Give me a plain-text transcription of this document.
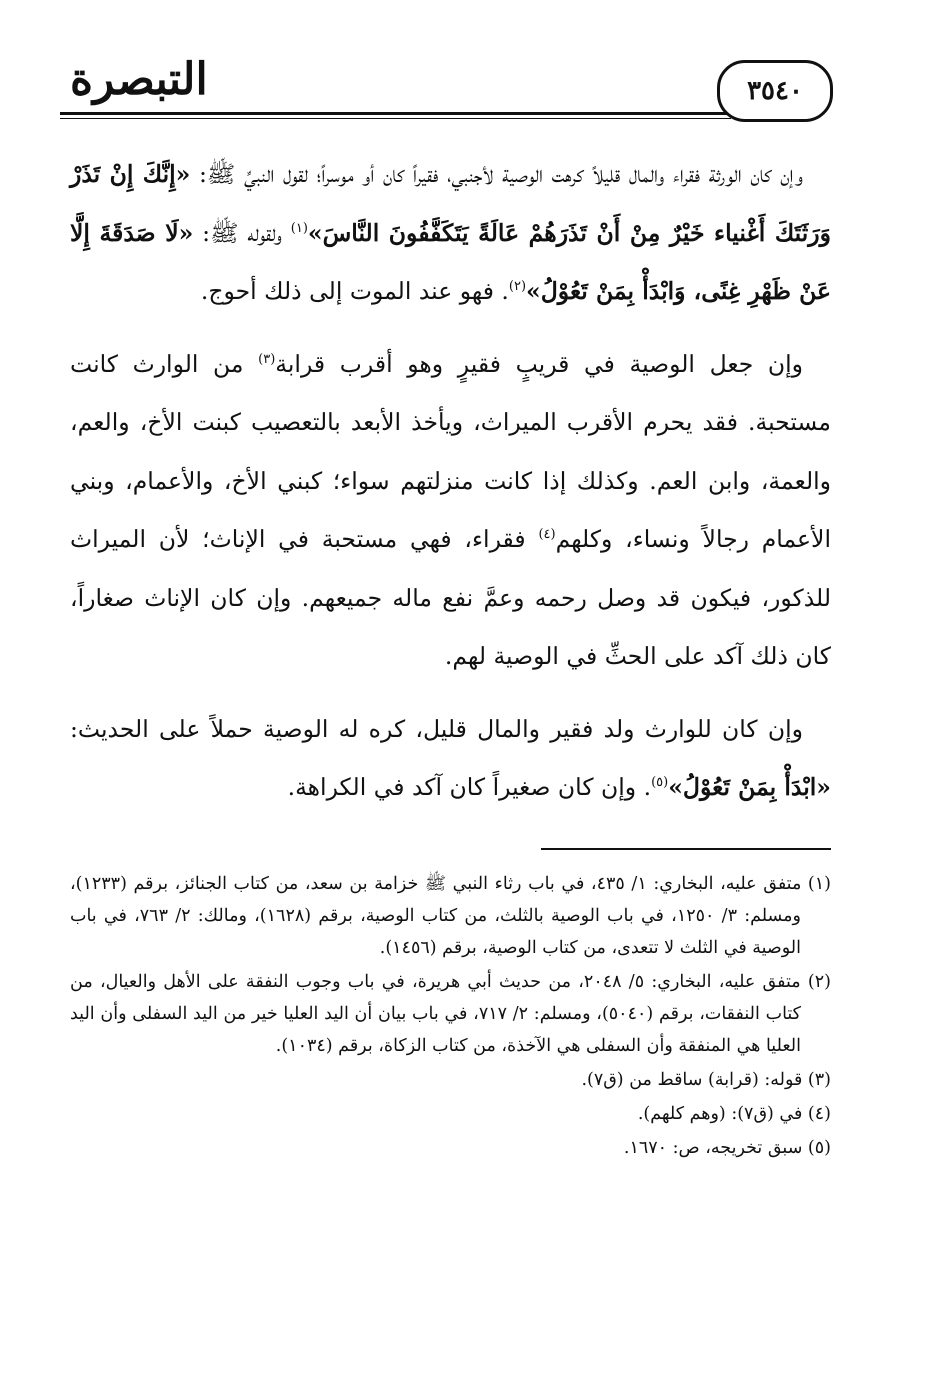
التبصرة	٣٥٤٠

وإن كان الورثة فقراء والمال قليلاً كرهت الوصية لأجنبي، فقيراً كان أو موسراً؛ لقول النبيِّ ﷺ: «إِنَّكَ إِنْ تَذَرْ وَرَثَتَكَ أَغْنياء خَيْرٌ مِنْ أَنْ تَذَرَهُمْ عَالَةً يَتَكَفَّفُونَ النَّاسَ»$^{(١)}$ ولقوله ﷺ: «لَا صَدَقَةَ إِلَّا عَنْ ظَهْرِ غِنًى، وَابْدَأْ بِمَنْ تَعُوْلُ»$^{(٢)}$. فهو عند الموت إلى ذلك أحوج.

وإن جعل الوصية في قريبٍ فقيرٍ وهو أقرب قرابة$^{(٣)}$ من الوارث كانت مستحبة. فقد يحرم الأقرب الميراث، ويأخذ الأبعد بالتعصيب كبنت الأخ، والعم، والعمة، وابن العم. وكذلك إذا كانت منزلتهم سواء؛ كبني الأخ، والأعمام، وبني الأعمام رجالاً ونساء، وكلهم$^{(٤)}$ فقراء، فهي مستحبة في الإناث؛ لأن الميراث للذكور، فيكون قد وصل رحمه وعمَّ نفع ماله جميعهم. وإن كان الإناث صغاراً، كان ذلك آكد على الحثِّ في الوصية لهم.

وإن كان للوارث ولد فقير والمال قليل، كره له الوصية حملاً على الحديث: «ابْدَأْ بِمَنْ تَعُوْلُ»$^{(٥)}$. وإن كان صغيراً كان آكد في الكراهة.

(١) متفق عليه، البخاري: ١/ ٤٣٥، في باب رثاء النبي ﷺ خزامة بن سعد، من كتاب الجنائز، برقم (١٢٣٣)، ومسلم: ٣/ ١٢٥٠، في باب الوصية بالثلث، من كتاب الوصية، برقم (١٦٢٨)، ومالك: ٢/ ٧٦٣، في باب الوصية في الثلث لا تتعدى، من كتاب الوصية، برقم (١٤٥٦).
(٢) متفق عليه، البخاري: ٥/ ٢٠٤٨، من حديث أبي هريرة، في باب وجوب النفقة على الأهل والعيال، من كتاب النفقات، برقم (٥٠٤٠)، ومسلم: ٢/ ٧١٧، في باب بيان أن اليد العليا خير من اليد السفلى وأن اليد العليا هي المنفقة وأن السفلى هي الآخذة، من كتاب الزكاة، برقم (١٠٣٤).
(٣) قوله: (قرابة) ساقط من (ق٧).
(٤) في (ق٧): (وهم كلهم).
(٥) سبق تخريجه، ص: ١٦٧٠.
